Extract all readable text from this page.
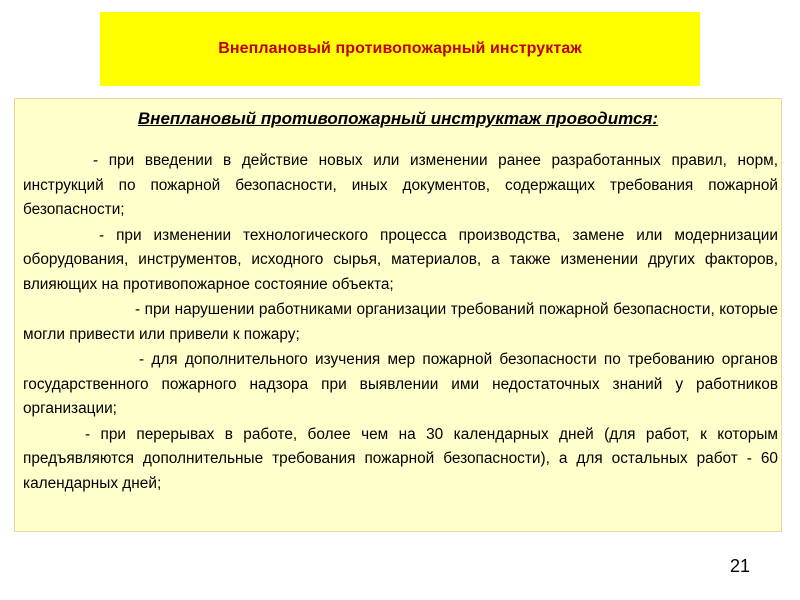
Внеплановый противопожарный инструктаж
Внеплановый противопожарный инструктаж проводится:

- при введении в действие новых или изменении ранее разработанных правил, норм, инструкций по пожарной безопасности, иных документов, содержащих требования пожарной безопасности;

- при изменении технологического процесса производства, замене или модернизации оборудования, инструментов, исходного сырья, материалов, а также изменении других факторов, влияющих на противопожарное состояние объекта;

- при нарушении работниками организации требований пожарной безопасности, которые могли привести или привели к пожару;

- для дополнительного изучения мер пожарной безопасности по требованию органов государственного пожарного надзора при выявлении ими недостаточных знаний у работников организации;

- при перерывах в работе, более чем на 30 календарных дней (для работ, к которым предъявляются дополнительные требования пожарной безопасности), а для остальных работ - 60 календарных дней;

21
